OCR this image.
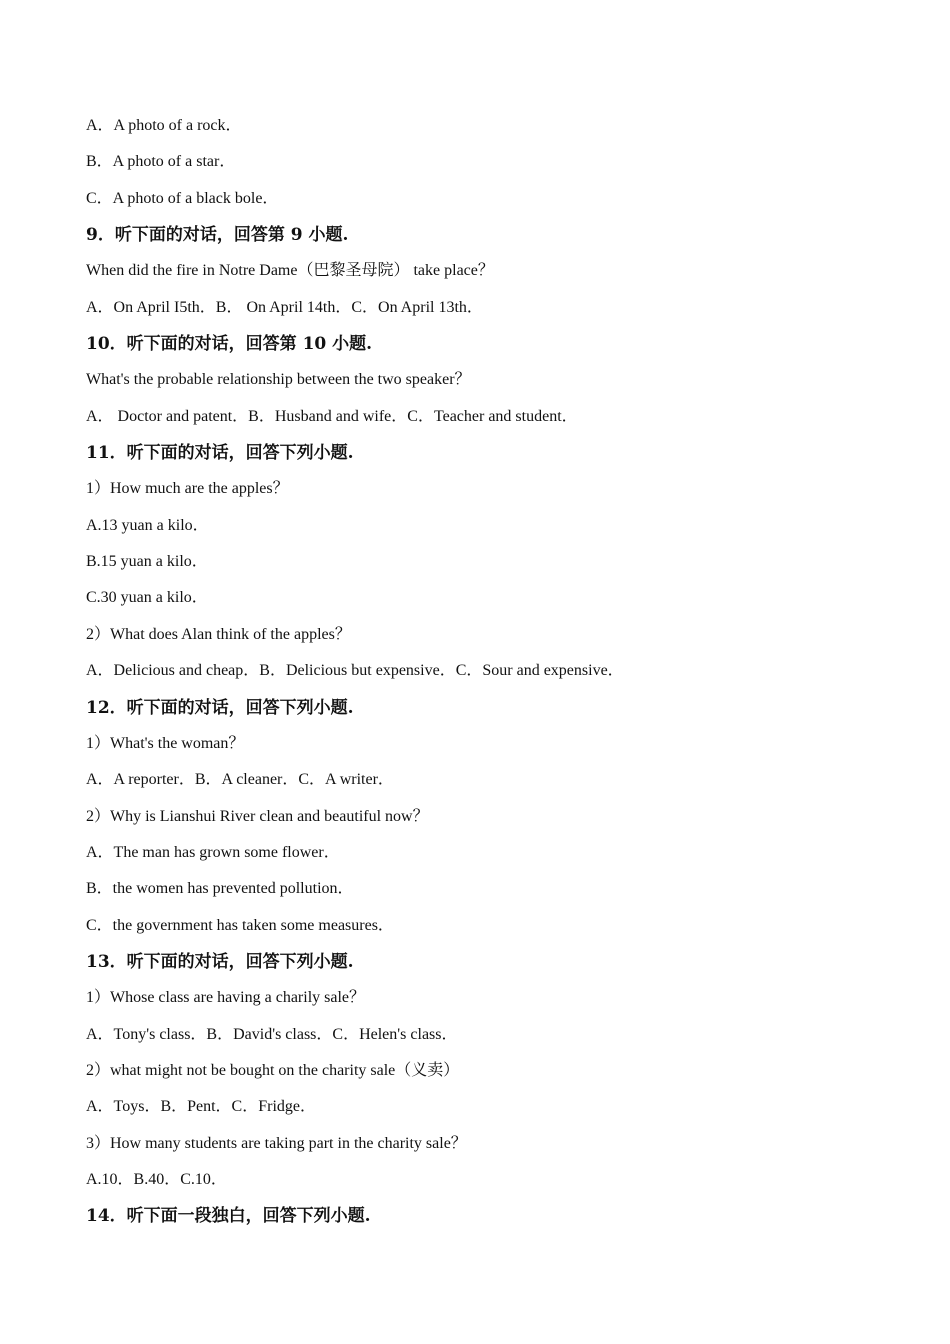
A．A photo of a rock．
B．A photo of a star．
C．A photo of a black bole．
9．听下面的对话，回答第 9 小题.
When did the fire in Notre Dame（巴黎圣母院） take place？
A．On April I5th．B． On April 14th．C．On April 13th．
10．听下面的对话，回答第 10 小题.
What's the probable relationship between the two speaker？
A． Doctor and patent．B．Husband and wife．C．Teacher and student．
11．听下面的对话，回答下列小题.
1）How much are the apples？
A.13 yuan a kilo．
B.15 yuan a kilo．
C.30 yuan a kilo．
2）What does Alan think of the apples？
A．Delicious and cheap．B．Delicious but expensive．C．Sour and expensive．
12．听下面的对话，回答下列小题.
1）What's the woman？
A．A reporter．B．A cleaner．C．A writer．
2）Why is Lianshui River clean and beautiful now？
A．The man has grown some flower．
B．the women has prevented pollution．
C．the government has taken some measures．
13．听下面的对话，回答下列小题.
1）Whose class are having a charily sale？
A．Tony's class．B．David's class．C．Helen's class．
2）what might not be bought on the charity sale（义卖）
A．Toys．B．Pent．C．Fridge．
3）How many students are taking part in the charity sale？
A.10．B.40．C.10．
14．听下面一段独白，回答下列小题.
